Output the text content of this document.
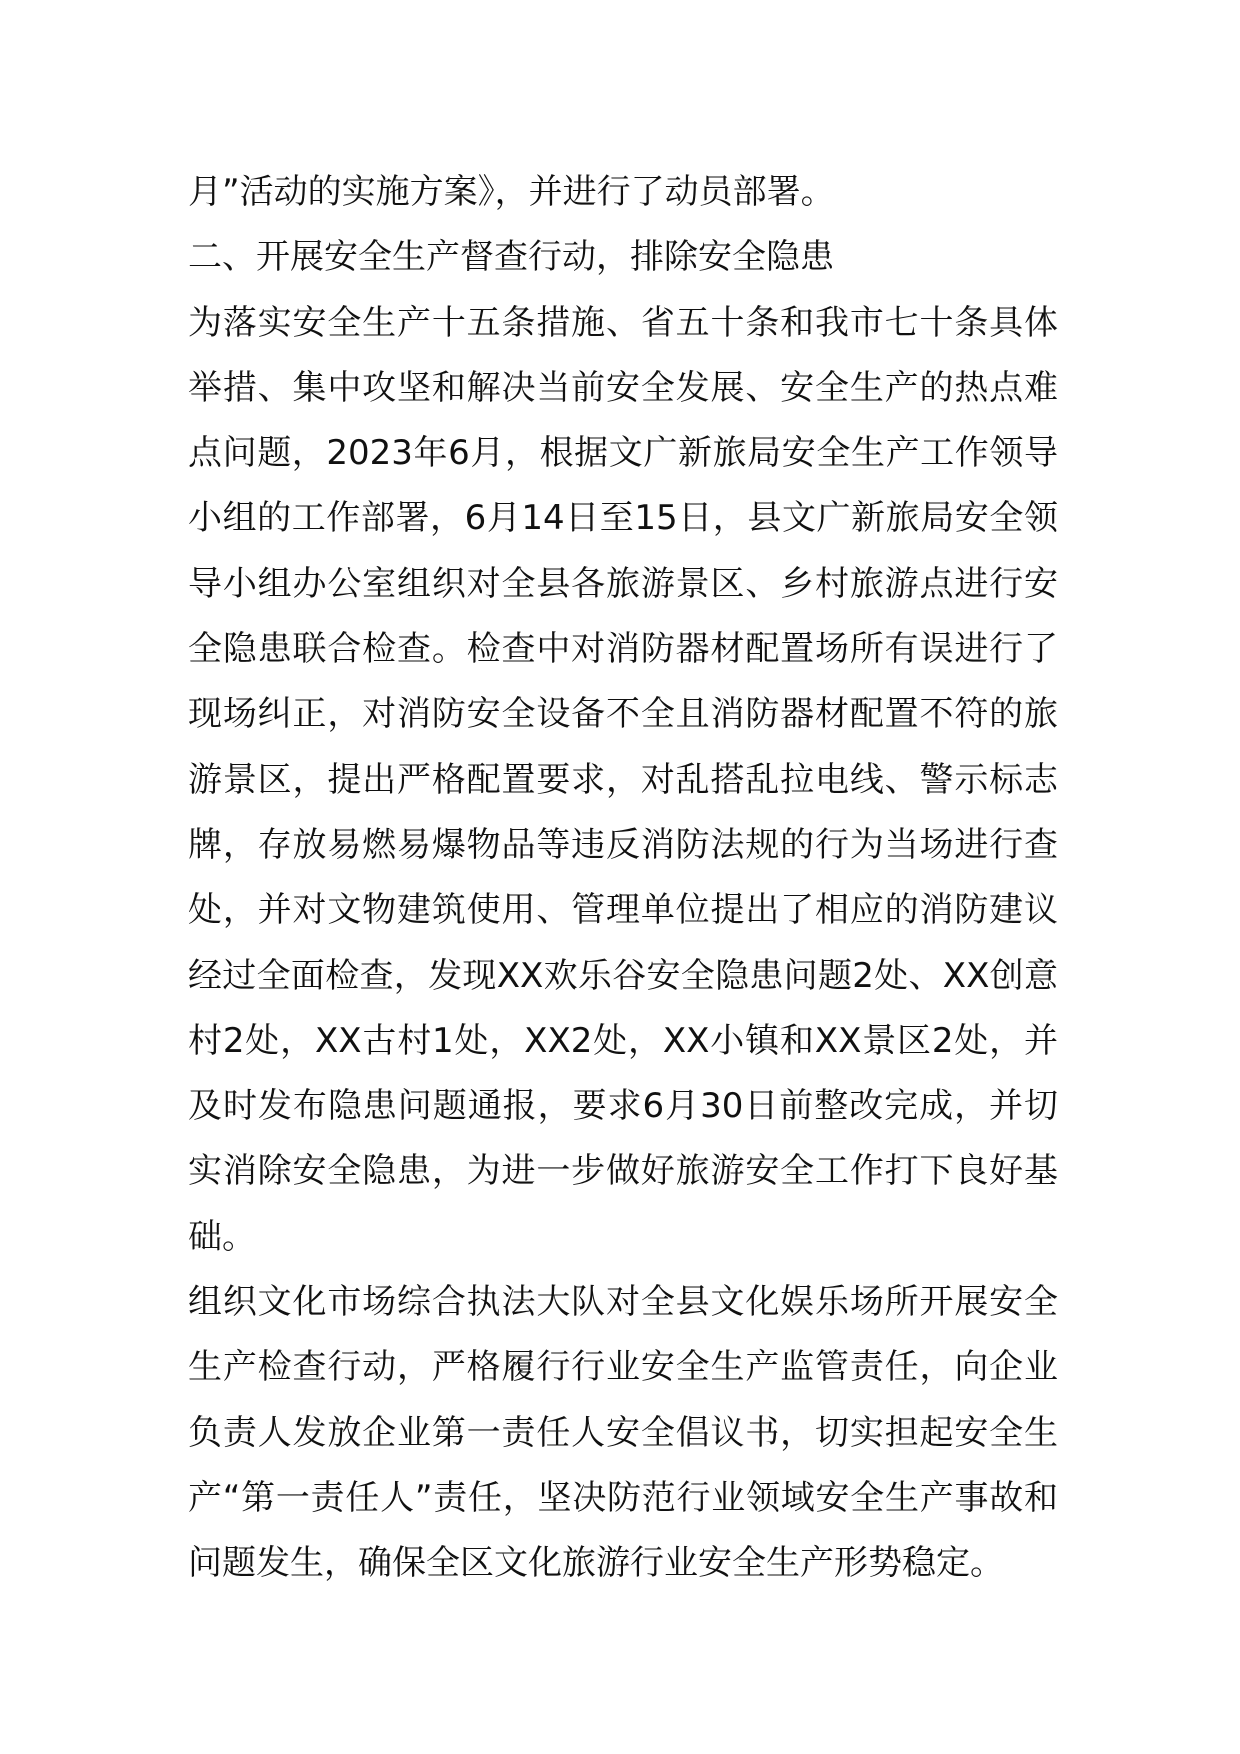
月”活动的实施方案》，并进行了动员部署。

二、开展安全生产督查行动，排除安全隐患

为落实安全生产十五条措施、省五十条和我市七十条具体举措、集中攻坚和解决当前安全发展、安全生产的热点难点问题，2023年6月，根据文广新旅局安全生产工作领导小组的工作部署，6月14日至15日，县文广新旅局安全领导小组办公室组织对全县各旅游景区、乡村旅游点进行安全隐患联合检查。检查中对消防器材配置场所有误进行了现场纠正，对消防安全设备不全且消防器材配置不符的旅游景区，提出严格配置要求，对乱搭乱拉电线、警示标志牌，存放易燃易爆物品等违反消防法规的行为当场进行查处，并对文物建筑使用、管理单位提出了相应的消防建议经过全面检查，发现XX欢乐谷安全隐患问题2处、XX创意村2处，XX古村1处，XX2处，XX小镇和XX景区2处，并及时发布隐患问题通报，要求6月30日前整改完成，并切实消除安全隐患，为进一步做好旅游安全工作打下良好基础。

组织文化市场综合执法大队对全县文化娱乐场所开展安全生产检查行动，严格履行行业安全生产监管责任，向企业负责人发放企业第一责任人安全倡议书，切实担起安全生产“第一责任人”责任，坚决防范行业领域安全生产事故和问题发生，确保全区文化旅游行业安全生产形势稳定。
